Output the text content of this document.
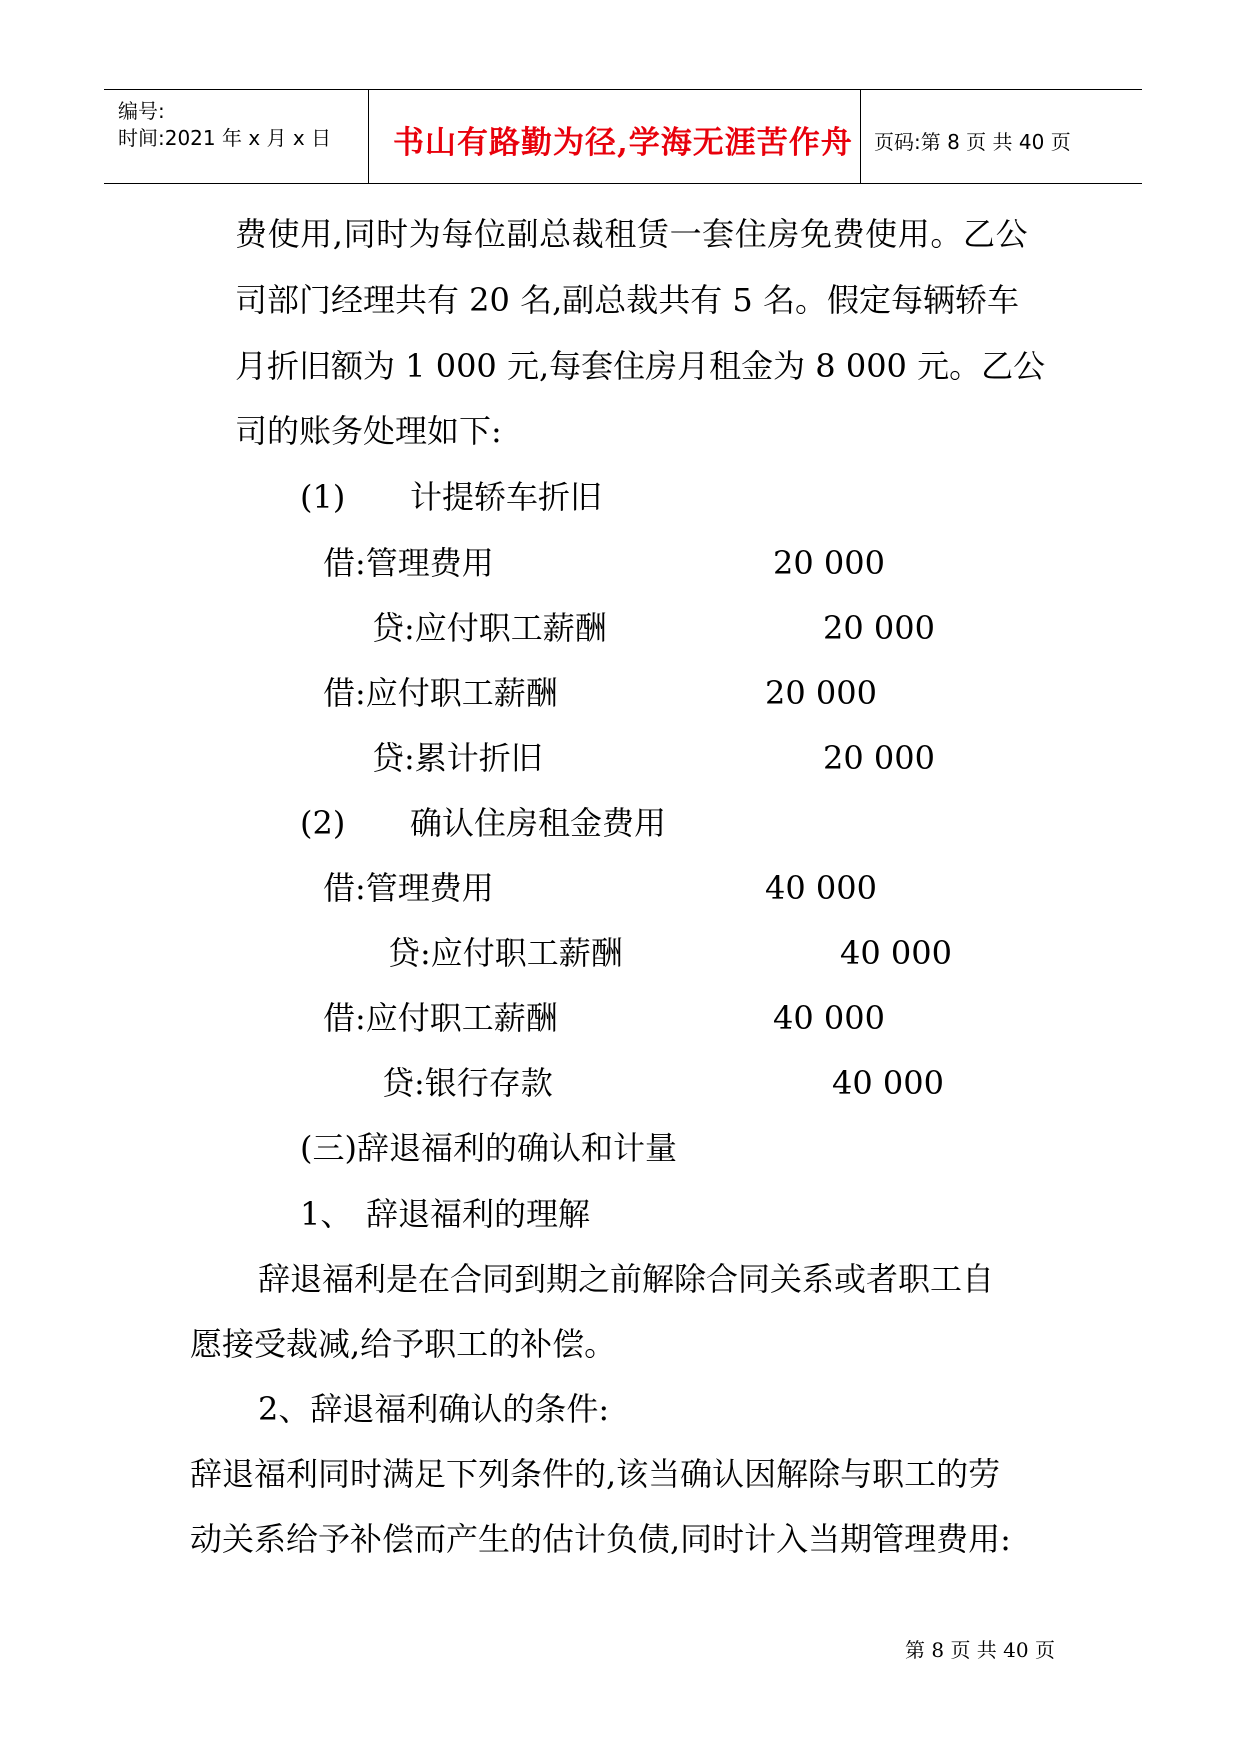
编号:
时间:2021 年 x 月 x 日 书山有路勤为径,学海无涯苦作舟 页码:第 8 页 共 40 页
费使用,同时为每位副总裁租赁一套住房免费使用。乙公
司部门经理共有 20 名,副总裁共有 5 名。假定每辆轿车
月折旧额为 1 000 元,每套住房月租金为 8 000 元。乙公
司的账务处理如下:
(1) 计提轿车折旧
借:管理费用	20 000
贷:应付职工薪酬	20 000
借:应付职工薪酬	20 000
贷:累计折旧	20 000
(2) 确认住房租金费用
借:管理费用	40 000
贷:应付职工薪酬	40 000
借:应付职工薪酬	40 000
贷:银行存款	40 000
(三)辞退福利的确认和计量
1、 辞退福利的理解
辞退福利是在合同到期之前解除合同关系或者职工自
愿接受裁减,给予职工的补偿。
2、辞退福利确认的条件:
辞退福利同时满足下列条件的,该当确认因解除与职工的劳
动关系给予补偿而产生的估计负债,同时计入当期管理费用:
第 8 页 共 40 页
